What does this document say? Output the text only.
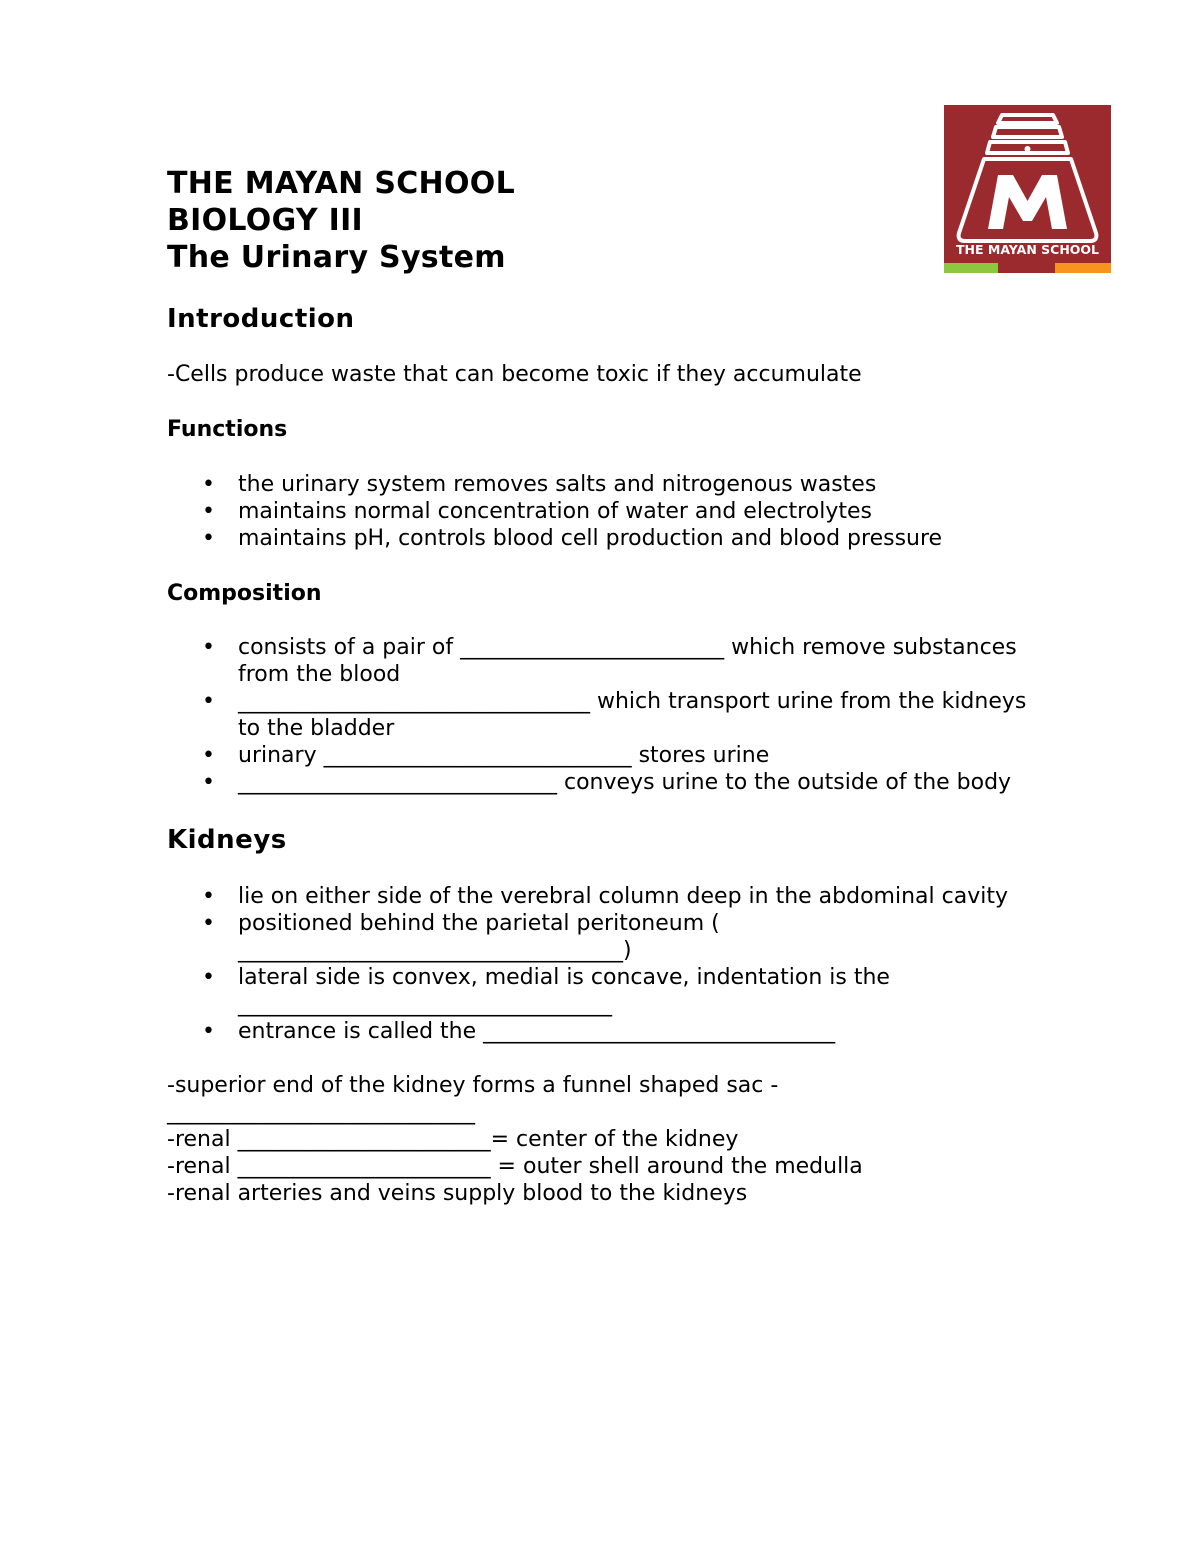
THE MAYAN SCHOOL
THE MAYAN SCHOOL
BIOLOGY III
The Urinary System
Introduction

-Cells produce waste that can become toxic if they accumulate

Functions
• the urinary system removes salts and nitrogenous wastes
• maintains normal concentration of water and electrolytes
• maintains pH, controls blood cell production and blood pressure
Composition
• consists of a pair of ________________________ which remove substances from the blood
• ________________________________ which transport urine from the kidneys to the bladder
• urinary ____________________________ stores urine
• _____________________________ conveys urine to the outside of the body
Kidneys
• lie on either side of the verebral column deep in the abdominal cavity
• positioned behind the parietal peritoneum ( ___________________________________)
• lateral side is convex, medial is concave, indentation is the __________________________________
• entrance is called the ________________________________

-superior end of the kidney forms a funnel shaped sac - ____________________________

-renal _______________________= center of the kidney

-renal _______________________ = outer shell around the medulla

-renal arteries and veins supply blood to the kidneys
